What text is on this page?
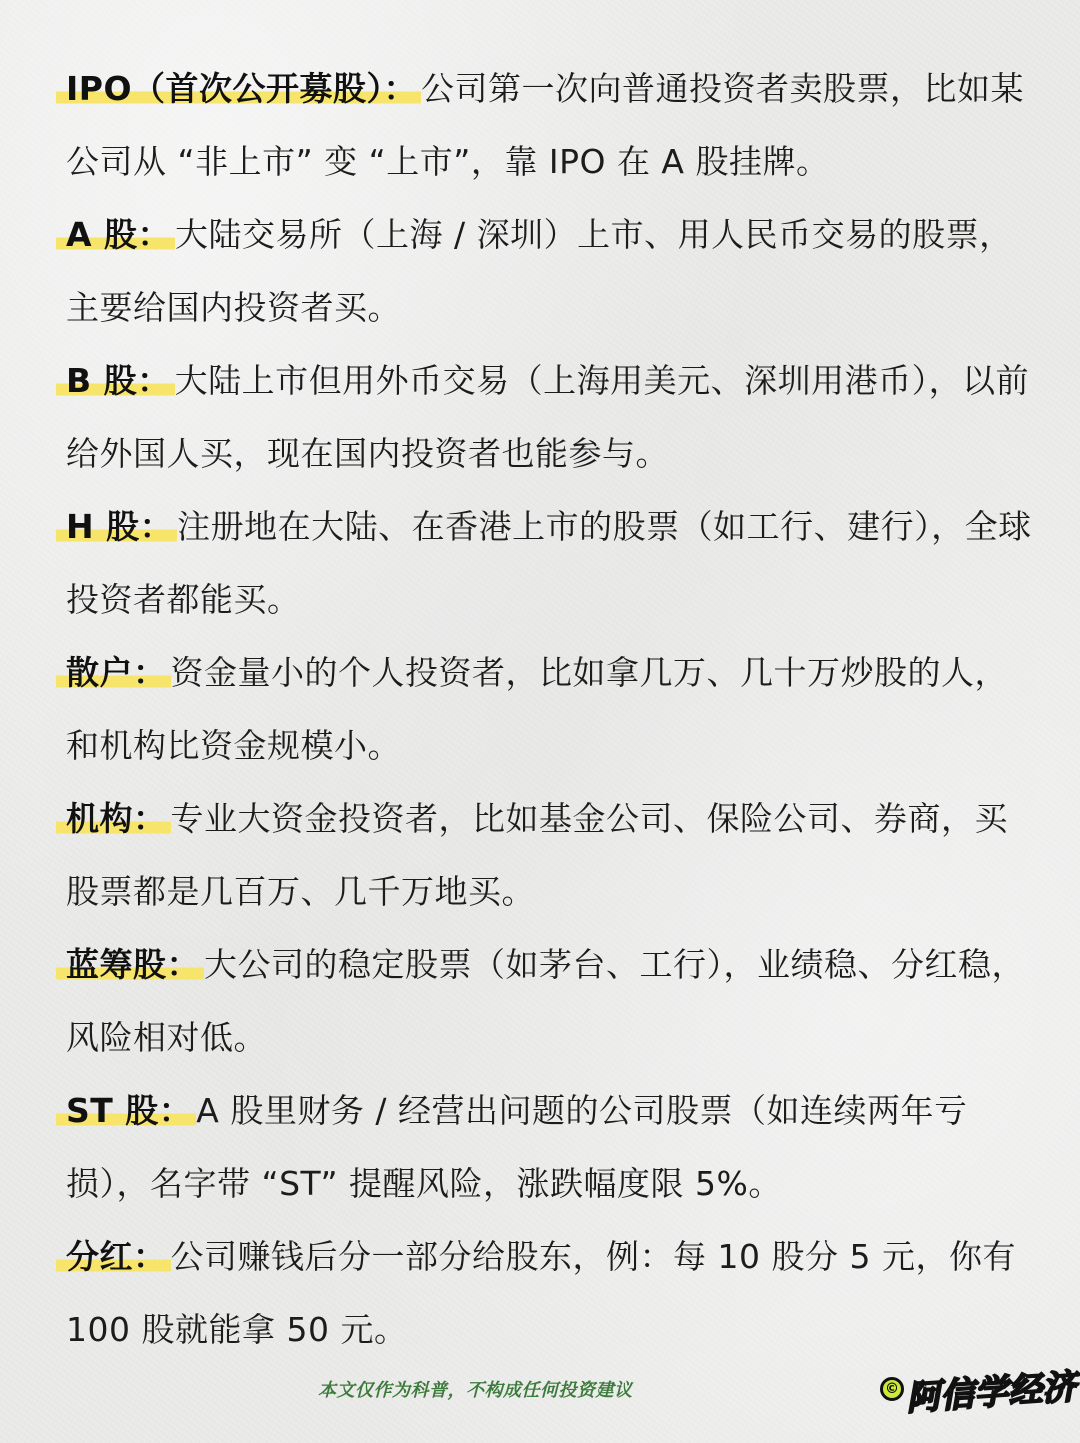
IPO（首次公开募股）： 公司第一次向普通投资者卖股票，比如某公司从 “非上市” 变 “上市”，靠 IPO 在 A 股挂牌。

A 股： 大陆交易所（上海 / 深圳）上市、用人民币交易的股票，主要给国内投资者买。

B 股： 大陆上市但用外币交易（上海用美元、深圳用港币），以前给外国人买，现在国内投资者也能参与。

H 股： 注册地在大陆、在香港上市的股票（如工行、建行），全球投资者都能买。

散户： 资金量小的个人投资者，比如拿几万、几十万炒股的人，和机构比资金规模小。

机构： 专业大资金投资者，比如基金公司、保险公司、券商，买股票都是几百万、几千万地买。

蓝筹股： 大公司的稳定股票（如茅台、工行），业绩稳、分红稳，风险相对低。

ST 股： A 股里财务 / 经营出问题的公司股票（如连续两年亏损），名字带 “ST” 提醒风险，涨跌幅度限 5%。

分红： 公司赚钱后分一部分给股东，例：每 10 股分 5 元，你有 100 股就能拿 50 元。

本文仅作为科普，不构成任何投资建议	© 阿信学经济
